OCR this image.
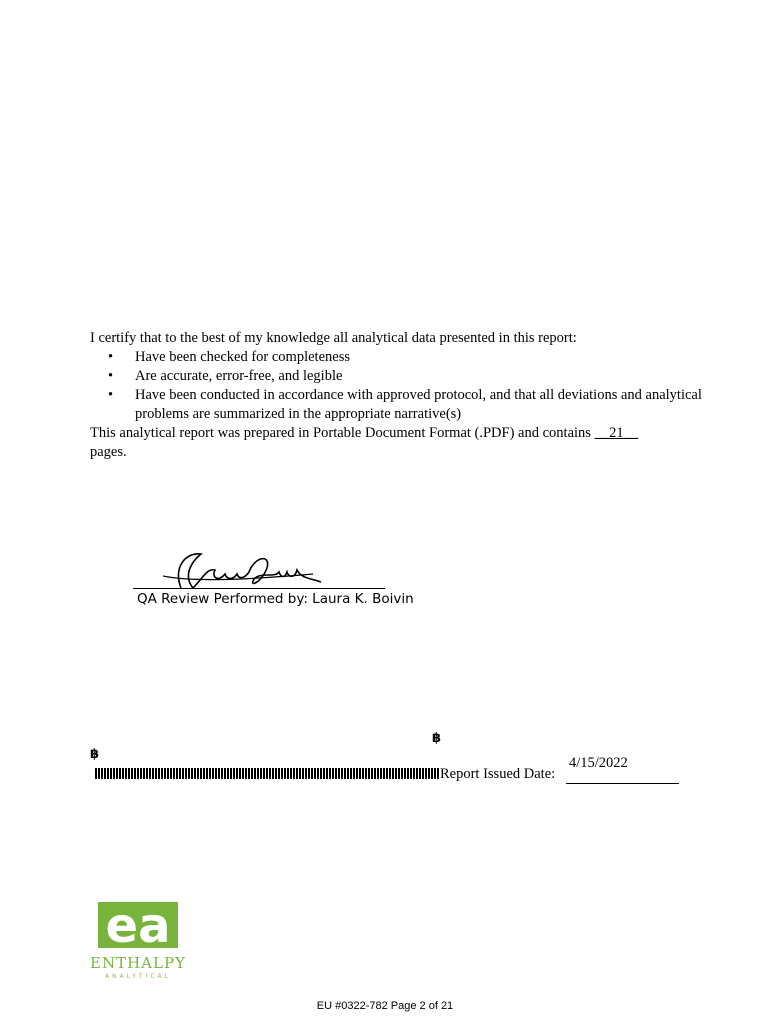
I certify that to the best of my knowledge all analytical data presented in this report:

• Have been checked for completeness
• Are accurate, error-free, and legible
• Have been conducted in accordance with approved protocol, and that all deviations and analytical problems are summarized in the appropriate narrative(s)

This analytical report was prepared in Portable Document Format (.PDF) and contains __21__

pages.

QA Review Performed by: Laura K. Boivin
฿
฿
Report Issued Date:
4/15/2022
ea
ENTHALPY
ANALYTICAL
EU #0322-782 Page 2 of 21
